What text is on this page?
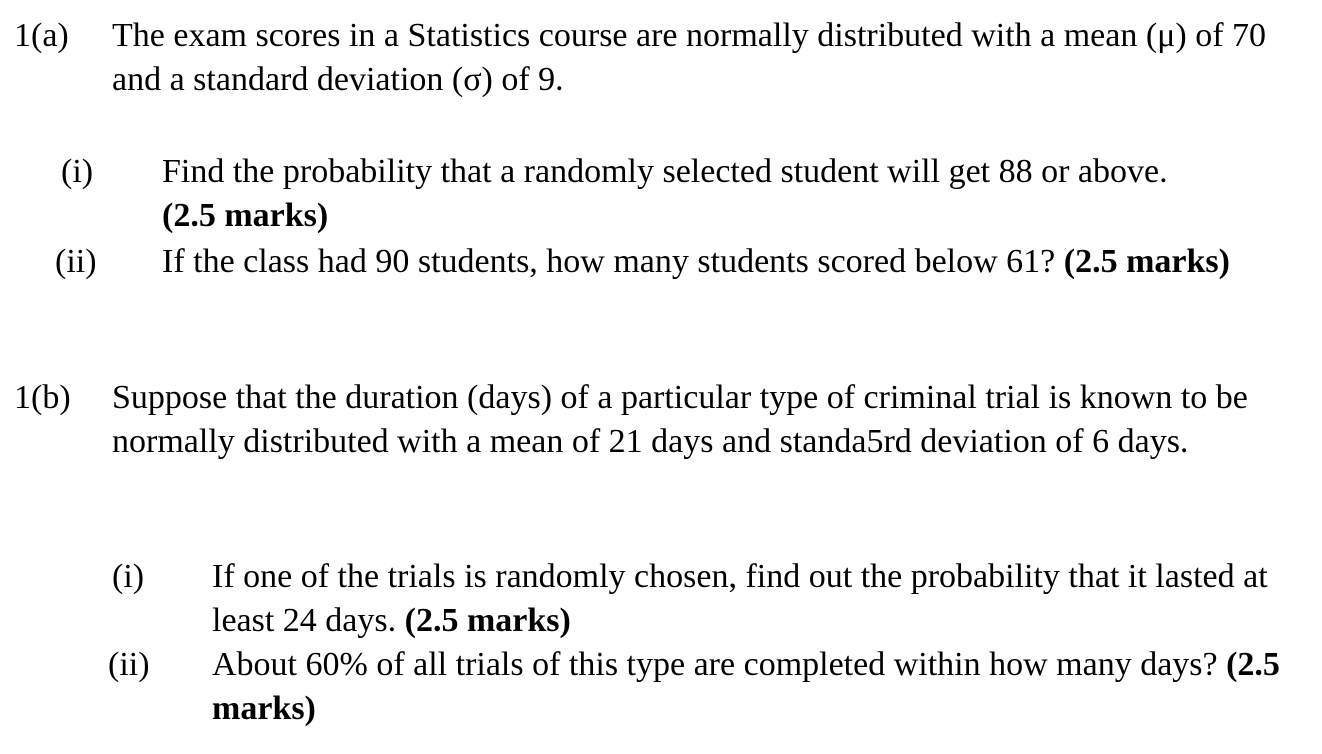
1(a) The exam scores in a Statistics course are normally distributed with a mean (μ) of 70 and a standard deviation (σ) of 9.
(i) Find the probability that a randomly selected student will get 88 or above. (2.5 marks)
(ii) If the class had 90 students, how many students scored below 61? (2.5 marks)
1(b) Suppose that the duration (days) of a particular type of criminal trial is known to be normally distributed with a mean of 21 days and standa5rd deviation of 6 days.
(i) If one of the trials is randomly chosen, find out the probability that it lasted at least 24 days. (2.5 marks)
(ii) About 60% of all trials of this type are completed within how many days? (2.5 marks)
